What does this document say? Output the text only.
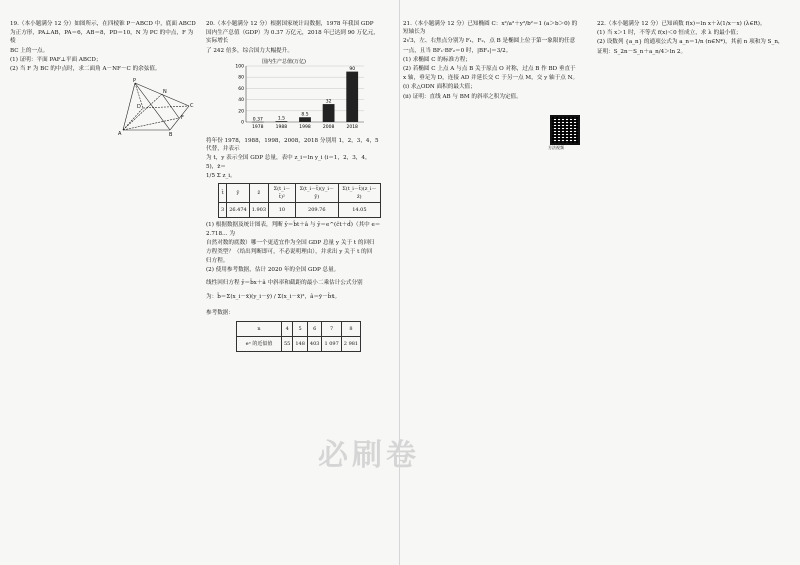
19.（本小题满分 12 分）如图所示，在四棱锥 P－ABCD 中，底面 ABCD

为正方形，PA⊥AB，PA＝6，AB＝8，PD＝10，N 为 PC 的中点，F 为棱

BC 上的一点。

(1) 证明：平面 PAF⊥平面 ABCD；

(2) 当 F 为 BC 的中点时，求二面角 A－NF－C 的余弦值。

P
N
C
D
F
A	B

20.（本小题满分 12 分）根据国家统计局数据，1978 年我国 GDP

国内生产总值（GDP）为 0.37 万亿元，2018 年已达到 90 万亿元，实际增长

了 242 倍多，综合国力大幅提升。

国内生产总值(万亿)
0
20
40
60
80
100
0.37
1978
1.5
1988
8.5
1998
32
2008
90
2018

将年份 1978，1988，1998，2008，2018 分别用 1，2，3，4，5 代替，并表示

为 t，y 表示全国 GDP 总量，表中 z_i＝ln y_i (i＝1，2，3，4，5)，z̄＝

1/5 Σ z_i。

t̄	ȳ	z̄	Σ(t_i－t̄)²	Σ(t_i－t̄)(y_i－ȳ)	Σ(t_i－t̄)(z_i－z̄)
3	26.474	1.903	10	209.76	14.05

(1) 根据数据及统计图表，判断 ŷ＝b̂t＋â 与 ŷ＝e^(ĉt＋d̂)（其中 e＝2.718… 为

自然对数的底数）哪一个更适宜作为全国 GDP 总量 y 关于 t 的回归

方程类型？（给出判断即可，不必说明理由），并求出 y 关于 t 的回

归方程。

(2) 使用参考数据，估计 2020 年的全国 GDP 总量。

线性回归方程 ŷ＝b̂x＋â 中斜率和截距的最小二乘估计公式分别

为：b̂＝Σ(x_i－x̄)(y_i－ȳ) / Σ(x_i－x̄)²，â＝ȳ－b̂x̄。

参考数据：

n	4	5	6	7	8
eⁿ 的近似值	55	148	403	1 097	2 981

21.（本小题满分 12 分）已知椭圆 C：x²/a²＋y²/b²＝1 (a＞b＞0) 的短轴长为

2√3，左、右焦点分别为 F₁，F₂，点 B 是椭圆上位于第一象限的任意

一点，且当 BF₁·BF₂＝0 时，|BF₁|＝3/2。

(1) 求椭圆 C 的标准方程；

(2) 若椭圆 C 上点 A 与点 B 关于原点 O 对称，过点 B 作 BD 垂直于

x 轴，垂足为 D，连接 AD 并延长交 C 于另一点 M，交 y 轴于点 N。

(ⅰ) 求△ODN 面积的最大值；

(ⅱ) 证明：直线 AB 与 BM 的斜率之积为定值。

方法视频

22.（本小题满分 12 分）已知函数 f(x)＝ln x＋λ(1/x－x) (λ∈R)。

(1) 当 x＞1 时，不等式 f(x)＜0 恒成立，求 λ 的最小值；

(2) 设数列 {a_n} 的通项公式为 a_n＝1/n (n∈N*)，其前 n 项和为 S_n，

证明：S_2n－S_n＋a_n/4＞ln 2。

必刷卷
